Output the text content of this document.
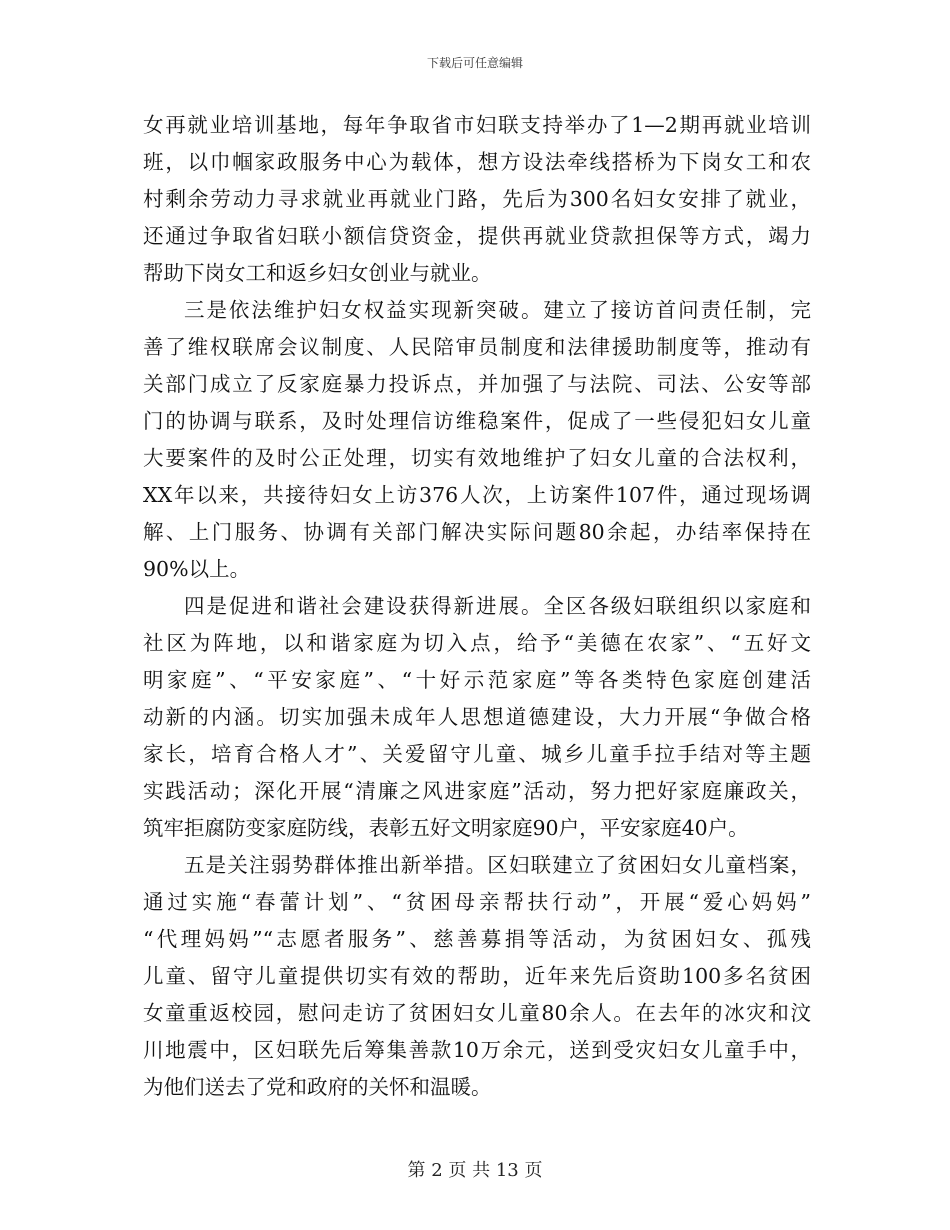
下载后可任意编辑
女再就业培训基地，每年争取省市妇联支持举办了1—2期再就业培训
班，以巾帼家政服务中心为载体，想方设法牵线搭桥为下岗女工和农
村剩余劳动力寻求就业再就业门路，先后为300名妇女安排了就业，
还通过争取省妇联小额信贷资金，提供再就业贷款担保等方式，竭力
帮助下岗女工和返乡妇女创业与就业。
三是依法维护妇女权益实现新突破。建立了接访首问责任制，完
善了维权联席会议制度、人民陪审员制度和法律援助制度等，推动有
关部门成立了反家庭暴力投诉点，并加强了与法院、司法、公安等部
门的协调与联系，及时处理信访维稳案件，促成了一些侵犯妇女儿童
大要案件的及时公正处理，切实有效地维护了妇女儿童的合法权利，
XX年以来，共接待妇女上访376人次，上访案件107件，通过现场调
解、上门服务、协调有关部门解决实际问题80余起，办结率保持在
90%以上。
四是促进和谐社会建设获得新进展。全区各级妇联组织以家庭和
社区为阵地，以和谐家庭为切入点，给予“美德在农家”、“五好文
明家庭”、“平安家庭”、“十好示范家庭”等各类特色家庭创建活
动新的内涵。切实加强未成年人思想道德建设，大力开展“争做合格
家长，培育合格人才”、关爱留守儿童、城乡儿童手拉手结对等主题
实践活动；深化开展“清廉之风进家庭”活动，努力把好家庭廉政关，
筑牢拒腐防变家庭防线，表彰五好文明家庭90户，平安家庭40户。
五是关注弱势群体推出新举措。区妇联建立了贫困妇女儿童档案，
通过实施“春蕾计划”、“贫困母亲帮扶行动”，开展“爱心妈妈”
“代理妈妈”“志愿者服务”、慈善募捐等活动，为贫困妇女、孤残
儿童、留守儿童提供切实有效的帮助，近年来先后资助100多名贫困
女童重返校园，慰问走访了贫困妇女儿童80余人。在去年的冰灾和汶
川地震中，区妇联先后筹集善款10万余元，送到受灾妇女儿童手中，
为他们送去了党和政府的关怀和温暖。
第 2 页 共 13 页
